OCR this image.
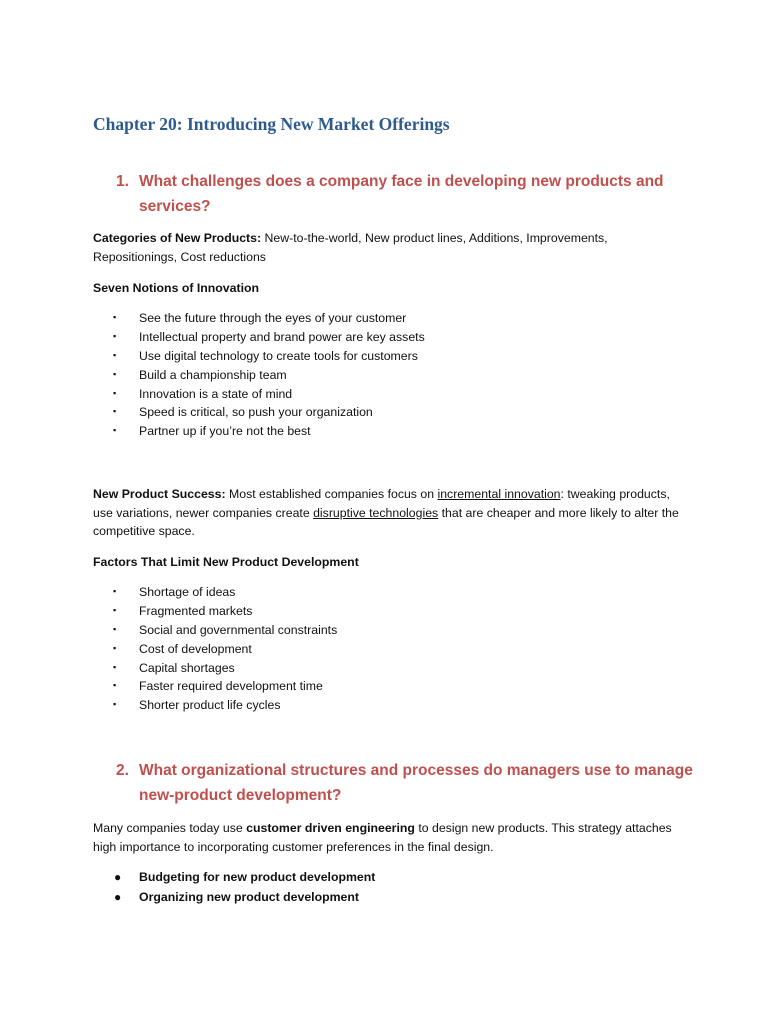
Chapter 20: Introducing New Market Offerings
1. What challenges does a company face in developing new products and services?

Categories of New Products: New-to-the-world, New product lines, Additions, Improvements, Repositionings, Cost reductions

Seven Notions of Innovation

▪ See the future through the eyes of your customer
▪ Intellectual property and brand power are key assets
▪ Use digital technology to create tools for customers
▪ Build a championship team
▪ Innovation is a state of mind
▪ Speed is critical, so push your organization
▪ Partner up if you’re not the best

New Product Success: Most established companies focus on incremental innovation: tweaking products, use variations, newer companies create disruptive technologies that are cheaper and more likely to alter the competitive space.

Factors That Limit New Product Development

▪ Shortage of ideas
▪ Fragmented markets
▪ Social and governmental constraints
▪ Cost of development
▪ Capital shortages
▪ Faster required development time
▪ Shorter product life cycles
2. What organizational structures and processes do managers use to manage new-product development?

Many companies today use customer driven engineering to design new products. This strategy attaches high importance to incorporating customer preferences in the final design.

● Budgeting for new product development
● Organizing new product development
